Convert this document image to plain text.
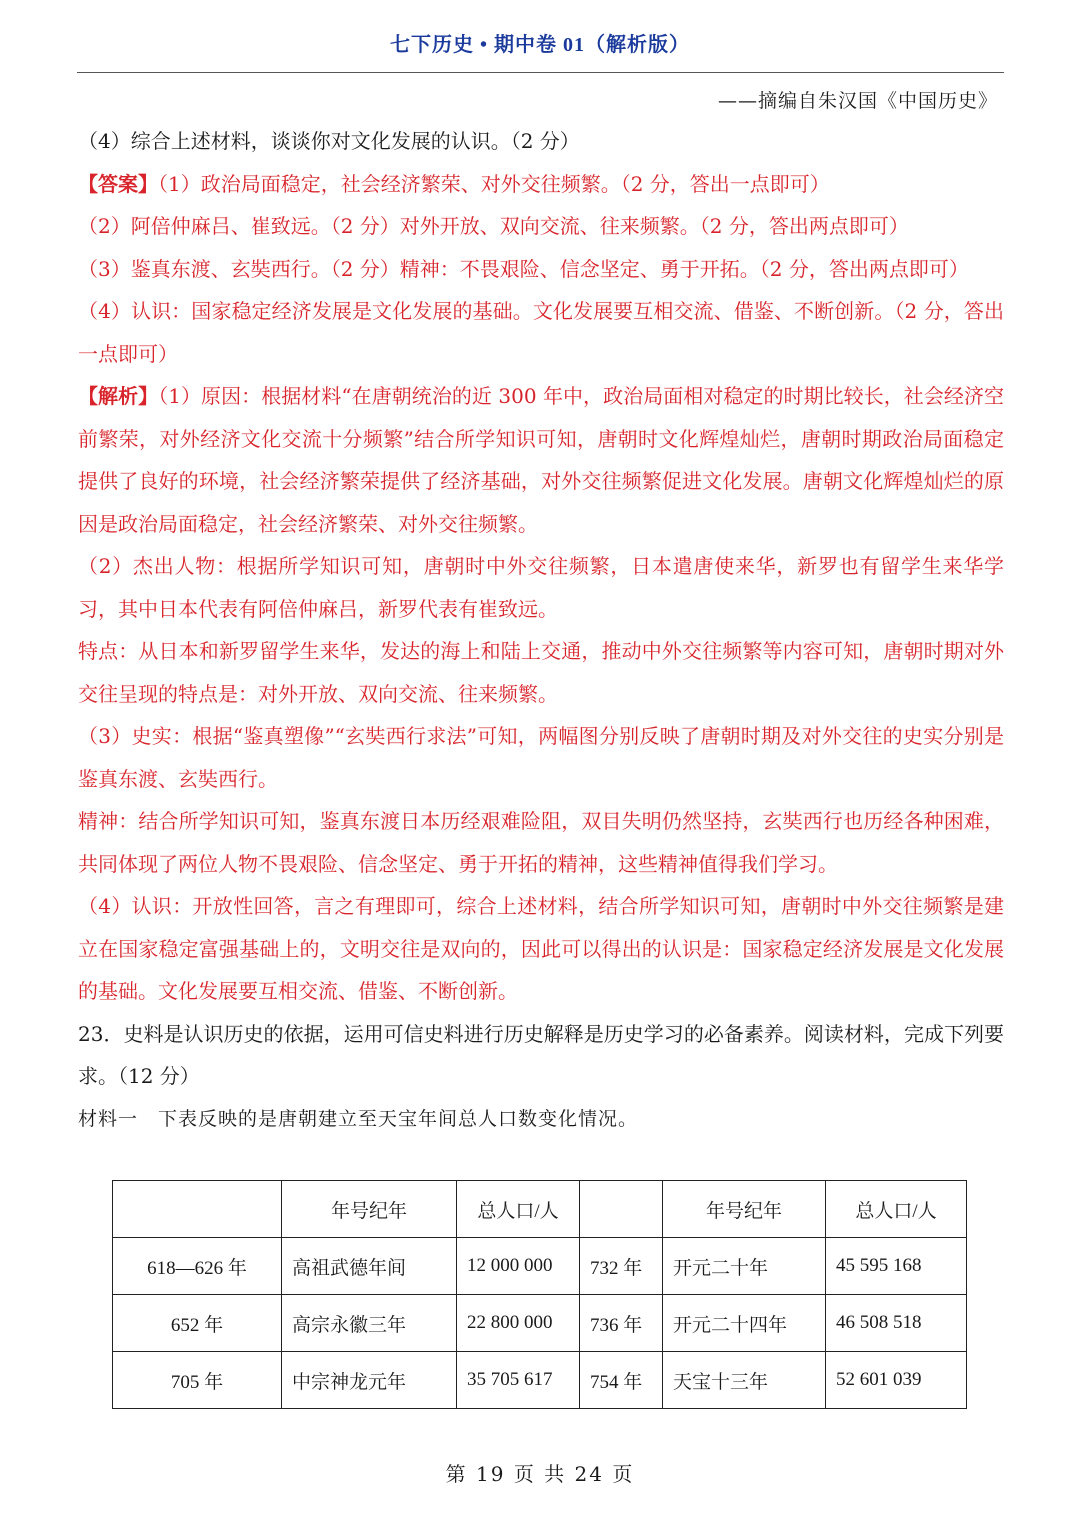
七下历史 • 期中卷 01（解析版）
——摘编自朱汉国《中国历史》

（4）综合上述材料，谈谈你对文化发展的认识。（2 分）

【答案】（1）政治局面稳定，社会经济繁荣、对外交往频繁。（2 分，答出一点即可）

（2）阿倍仲麻吕、崔致远。（2 分）对外开放、双向交流、往来频繁。（2 分，答出两点即可）

（3）鉴真东渡、玄奘西行。（2 分）精神：不畏艰险、信念坚定、勇于开拓。（2 分，答出两点即可）

（4）认识：国家稳定经济发展是文化发展的基础。文化发展要互相交流、借鉴、不断创新。（2 分，答出一点即可）

【解析】（1）原因：根据材料“在唐朝统治的近 300 年中，政治局面相对稳定的时期比较长，社会经济空前繁荣，对外经济文化交流十分频繁”结合所学知识可知，唐朝时文化辉煌灿烂，唐朝时期政治局面稳定提供了良好的环境，社会经济繁荣提供了经济基础，对外交往频繁促进文化发展。唐朝文化辉煌灿烂的原因是政治局面稳定，社会经济繁荣、对外交往频繁。

（2）杰出人物：根据所学知识可知，唐朝时中外交往频繁，日本遣唐使来华，新罗也有留学生来华学习，其中日本代表有阿倍仲麻吕，新罗代表有崔致远。

特点：从日本和新罗留学生来华，发达的海上和陆上交通，推动中外交往频繁等内容可知，唐朝时期对外交往呈现的特点是：对外开放、双向交流、往来频繁。

（3）史实：根据“鉴真塑像”“玄奘西行求法”可知，两幅图分别反映了唐朝时期及对外交往的史实分别是鉴真东渡、玄奘西行。

精神：结合所学知识可知，鉴真东渡日本历经艰难险阻，双目失明仍然坚持，玄奘西行也历经各种困难，共同体现了两位人物不畏艰险、信念坚定、勇于开拓的精神，这些精神值得我们学习。

（4）认识：开放性回答，言之有理即可，综合上述材料，结合所学知识可知，唐朝时中外交往频繁是建立在国家稳定富强基础上的，文明交往是双向的，因此可以得出的认识是：国家稳定经济发展是文化发展的基础。文化发展要互相交流、借鉴、不断创新。

23．史料是认识历史的依据，运用可信史料进行历史解释是历史学习的必备素养。阅读材料，完成下列要求。（12 分）

材料一　下表反映的是唐朝建立至天宝年间总人口数变化情况。

	年号纪年	总人口/人		年号纪年	总人口/人
618—626 年	高祖武德年间	12 000 000	732 年	开元二十年	45 595 168
652 年	高宗永徽三年	22 800 000	736 年	开元二十四年	46 508 518
705 年	中宗神龙元年	35 705 617	754 年	天宝十三年	52 601 039
第 19 页 共 24 页
